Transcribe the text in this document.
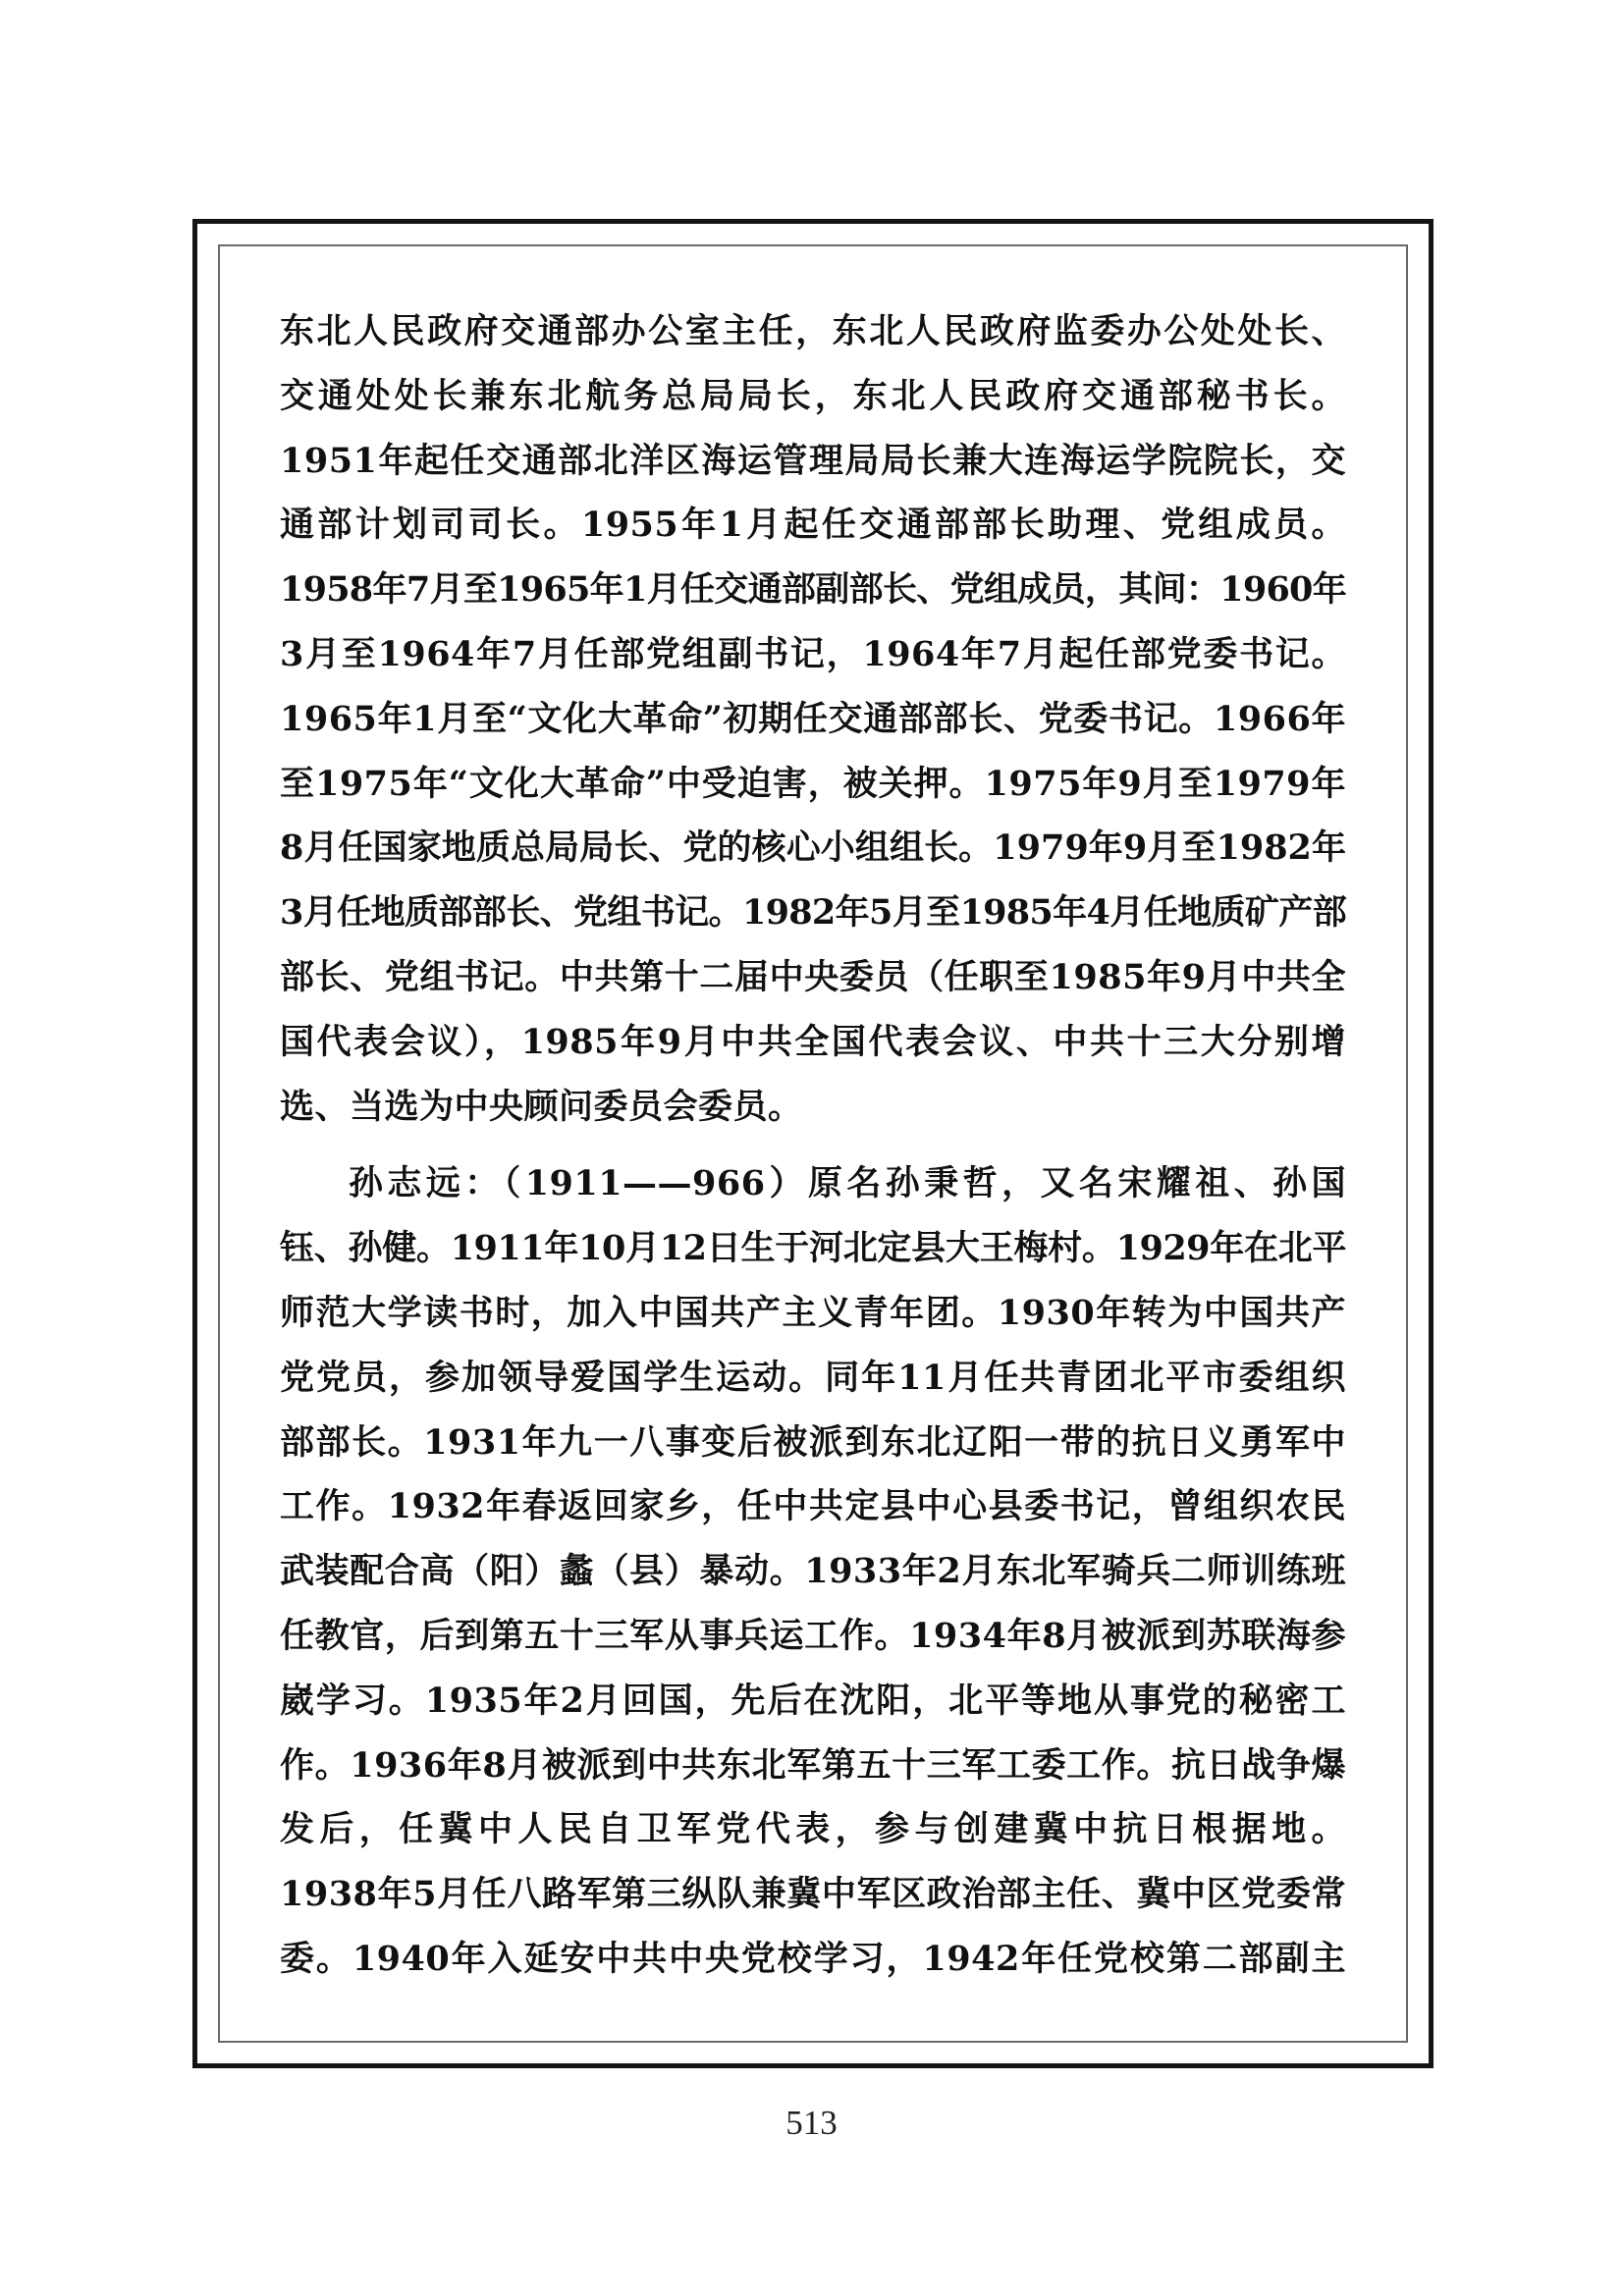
东北人民政府交通部办公室主任，东北人民政府监委办公处处长、
交通处处长兼东北航务总局局长，东北人民政府交通部秘书长。
1951年起任交通部北洋区海运管理局局长兼大连海运学院院长，交
通部计划司司长。1955年1月起任交通部部长助理、党组成员。
1958年7月至1965年1月任交通部副部长、党组成员，其间：1960年
3月至1964年7月任部党组副书记，1964年7月起任部党委书记。
1965年1月至“文化大革命”初期任交通部部长、党委书记。1966年
至1975年“文化大革命”中受迫害，被关押。1975年9月至1979年
8月任国家地质总局局长、党的核心小组组长。1979年9月至1982年
3月任地质部部长、党组书记。1982年5月至1985年4月任地质矿产部
部长、党组书记。中共第十二届中央委员（任职至1985年9月中共全
国代表会议），1985年9月中共全国代表会议、中共十三大分别增
选、当选为中央顾问委员会委员。
孙志远：（1911——966）原名孙秉哲，又名宋耀祖、孙国
钰、孙健。1911年10月12日生于河北定县大王梅村。1929年在北平
师范大学读书时，加入中国共产主义青年团。1930年转为中国共产
党党员，参加领导爱国学生运动。同年11月任共青团北平市委组织
部部长。1931年九一八事变后被派到东北辽阳一带的抗日义勇军中
工作。1932年春返回家乡，任中共定县中心县委书记，曾组织农民
武装配合高（阳）蠡（县）暴动。1933年2月东北军骑兵二师训练班
任教官，后到第五十三军从事兵运工作。1934年8月被派到苏联海参
崴学习。1935年2月回国，先后在沈阳，北平等地从事党的秘密工
作。1936年8月被派到中共东北军第五十三军工委工作。抗日战争爆
发后，任冀中人民自卫军党代表，参与创建冀中抗日根据地。
1938年5月任八路军第三纵队兼冀中军区政治部主任、冀中区党委常
委。1940年入延安中共中央党校学习，1942年任党校第二部副主
513
